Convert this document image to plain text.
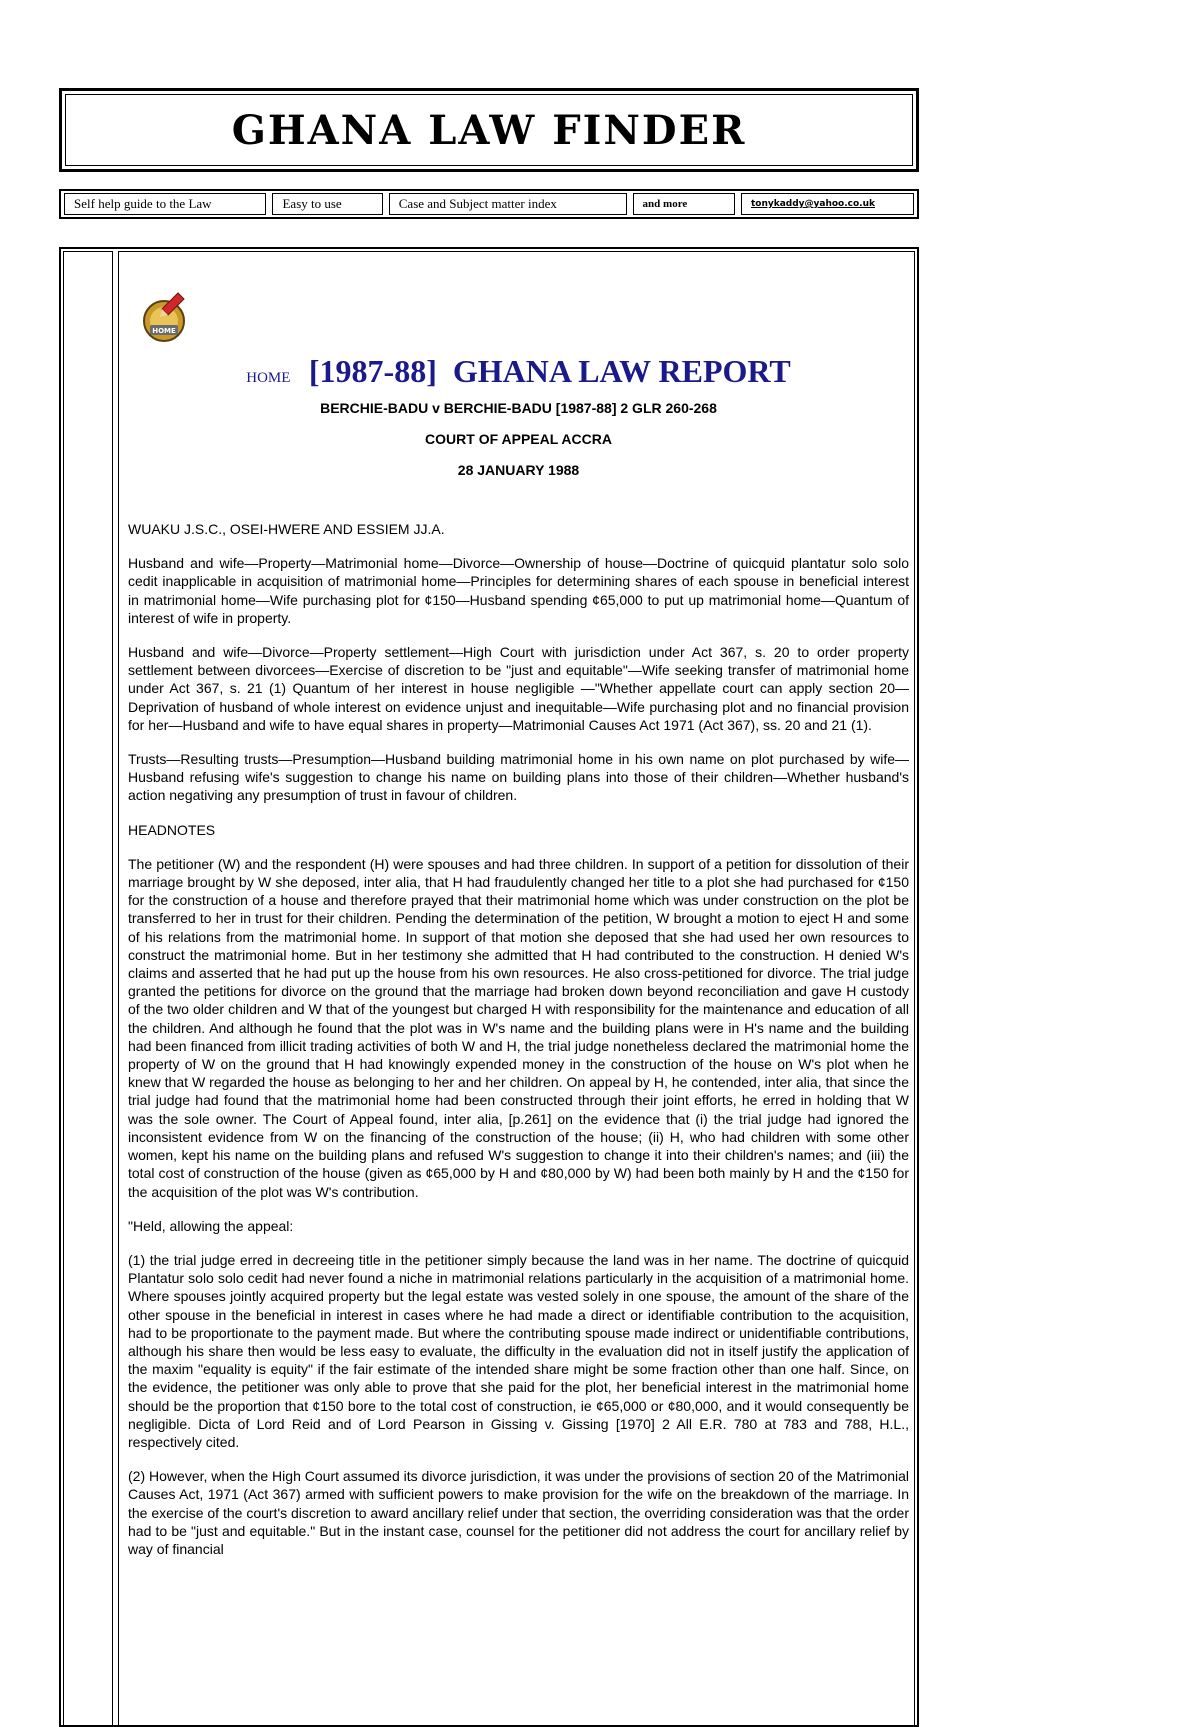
GHANA LAW FINDER
Self help guide to the Law	Easy to use	Case and Subject matter index	and more	tonykaddy@yahoo.co.uk
HOME
HOME [1987-88]  GHANA LAW REPORT
BERCHIE-BADU v BERCHIE-BADU [1987-88] 2 GLR 260-268
COURT OF APPEAL ACCRA
28 JANUARY 1988

WUAKU J.S.C., OSEI-HWERE AND ESSIEM JJ.A.

Husband and wife—Property—Matrimonial home—Divorce—Ownership of house—Doctrine of quicquid plantatur solo solo cedit inapplicable in acquisition of matrimonial home—Principles for determining shares of each spouse in beneficial interest in matrimonial home—Wife purchasing plot for ¢150—Husband spending ¢65,000 to put up matrimonial home—Quantum of interest of wife in property.

Husband and wife—Divorce—Property settlement—High Court with jurisdiction under Act 367, s. 20 to order property settlement between divorcees—Exercise of discretion to be "just and equitable"—Wife seeking transfer of matrimonial home under Act 367, s. 21 (1) Quantum of her interest in house negligible —"Whether appellate court can apply section 20—Deprivation of husband of whole interest on evidence unjust and inequitable—Wife purchasing plot and no financial provision for her—Husband and wife to have equal shares in property—Matrimonial Causes Act 1971 (Act 367), ss. 20 and 21 (1).

Trusts—Resulting trusts—Presumption—Husband building matrimonial home in his own name on plot purchased by wife—Husband refusing wife's suggestion to change his name on building plans into those of their children—Whether husband's action negativing any presumption of trust in favour of children.

HEADNOTES

The petitioner (W) and the respondent (H) were spouses and had three children. In support of a petition for dissolution of their marriage brought by W she deposed, inter alia, that H had fraudulently changed her title to a plot she had purchased for ¢150 for the construction of a house and therefore prayed that their matrimonial home which was under construction on the plot be transferred to her in trust for their children. Pending the determination of the petition, W brought a motion to eject H and some of his relations from the matrimonial home. In support of that motion she deposed that she had used her own resources to construct the matrimonial home. But in her testimony she admitted that H had contributed to the construction. H denied W's claims and asserted that he had put up the house from his own resources. He also cross-petitioned for divorce. The trial judge granted the petitions for divorce on the ground that the marriage had broken down beyond reconciliation and gave H custody of the two older children and W that of the youngest but charged H with responsibility for the maintenance and education of all the children. And although he found that the plot was in W's name and the building plans were in H's name and the building had been financed from illicit trading activities of both W and H, the trial judge nonetheless declared the matrimonial home the property of W on the ground that H had knowingly expended money in the construction of the house on W's plot when he knew that W regarded the house as belonging to her and her children. On appeal by H, he contended, inter alia, that since the trial judge had found that the matrimonial home had been constructed through their joint efforts, he erred in holding that W was the sole owner. The Court of Appeal found, inter alia, [p.261] on the evidence that (i) the trial judge had ignored the inconsistent evidence from W on the financing of the construction of the house; (ii) H, who had children with some other women, kept his name on the building plans and refused W's suggestion to change it into their children's names; and (iii) the total cost of construction of the house (given as ¢65,000 by H and ¢80,000 by W) had been both mainly by H and the ¢150 for the acquisition of the plot was W's contribution.

"Held, allowing the appeal:

(1) the trial judge erred in decreeing title in the petitioner simply because the land was in her name. The doctrine of quicquid Plantatur solo solo cedit had never found a niche in matrimonial relations particularly in the acquisition of a matrimonial home. Where spouses jointly acquired property but the legal estate was vested solely in one spouse, the amount of the share of the other spouse in the beneficial in interest in cases where he had made a direct or identifiable contribution to the acquisition, had to be proportionate to the payment made. But where the contributing spouse made indirect or unidentifiable contributions, although his share then would be less easy to evaluate, the difficulty in the evaluation did not in itself justify the application of the maxim "equality is equity" if the fair estimate of the intended share might be some fraction other than one half. Since, on the evidence, the petitioner was only able to prove that she paid for the plot, her beneficial interest in the matrimonial home should be the proportion that ¢150 bore to the total cost of construction, ie ¢65,000 or ¢80,000, and it would consequently be negligible. Dicta of Lord Reid and of Lord Pearson in Gissing v. Gissing [1970] 2 All E.R. 780 at 783 and 788, H.L., respectively cited.

(2) However, when the High Court assumed its divorce jurisdiction, it was under the provisions of section 20 of the Matrimonial Causes Act, 1971 (Act 367) armed with sufficient powers to make provision for the wife on the breakdown of the marriage. In the exercise of the court's discretion to award ancillary relief under that section, the overriding consideration was that the order had to be "just and equitable." But in the instant case, counsel for the petitioner did not address the court for ancillary relief by way of financial
